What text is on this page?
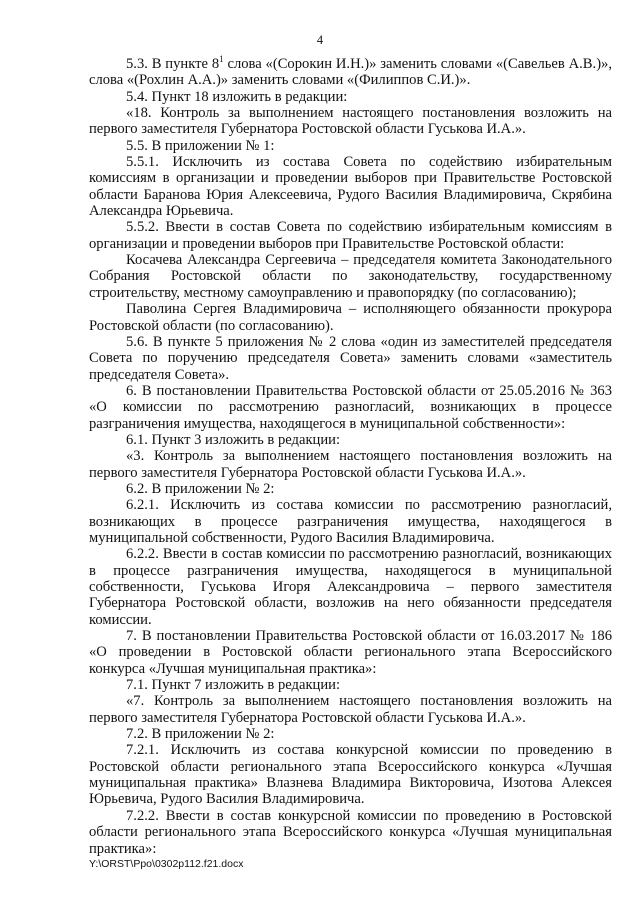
4

5.3. В пункте $8^1$ слова «(Сорокин И.Н.)» заменить словами «(Савельев А.В.)», слова «(Рохлин А.А.)» заменить словами «(Филиппов С.И.)».

5.4. Пункт 18 изложить в редакции:

«18. Контроль за выполнением настоящего постановления возложить на первого заместителя Губернатора Ростовской области Гуськова И.А.».

5.5. В приложении № 1:

5.5.1. Исключить из состава Совета по содействию избирательным комиссиям в организации и проведении выборов при Правительстве Ростовской области Баранова Юрия Алексеевича, Рудого Василия Владимировича, Скрябина Александра Юрьевича.

5.5.2. Ввести в состав Совета по содействию избирательным комиссиям в организации и проведении выборов при Правительстве Ростовской области:

Косачева Александра Сергеевича – председателя комитета Законодательного Собрания Ростовской области по законодательству, государственному строительству, местному самоуправлению и правопорядку (по согласованию);

Паволина Сергея Владимировича – исполняющего обязанности прокурора Ростовской области (по согласованию).

5.6. В пункте 5 приложения № 2 слова «один из заместителей председателя Совета по поручению председателя Совета» заменить словами «заместитель председателя Совета».

6. В постановлении Правительства Ростовской области от 25.05.2016 № 363 «О комиссии по рассмотрению разногласий, возникающих в процессе разграничения имущества, находящегося в муниципальной собственности»:

6.1. Пункт 3 изложить в редакции:

«3. Контроль за выполнением настоящего постановления возложить на первого заместителя Губернатора Ростовской области Гуськова И.А.».

6.2. В приложении № 2:

6.2.1. Исключить из состава комиссии по рассмотрению разногласий, возникающих в процессе разграничения имущества, находящегося в муниципальной собственности, Рудого Василия Владимировича.

6.2.2. Ввести в состав комиссии по рассмотрению разногласий, возникающих в процессе разграничения имущества, находящегося в муниципальной собственности, Гуськова Игоря Александровича – первого заместителя Губернатора Ростовской области, возложив на него обязанности председателя комиссии.

7. В постановлении Правительства Ростовской области от 16.03.2017 № 186 «О проведении в Ростовской области регионального этапа Всероссийского конкурса «Лучшая муниципальная практика»:

7.1. Пункт 7 изложить в редакции:

«7. Контроль за выполнением настоящего постановления возложить на первого заместителя Губернатора Ростовской области Гуськова И.А.».

7.2. В приложении № 2:

7.2.1. Исключить из состава конкурсной комиссии по проведению в Ростовской области регионального этапа Всероссийского конкурса «Лучшая муниципальная практика» Влазнева Владимира Викторовича, Изотова Алексея Юрьевича, Рудого Василия Владимировича.

7.2.2. Ввести в состав конкурсной комиссии по проведению в Ростовской области регионального этапа Всероссийского конкурса «Лучшая муниципальная практика»:

Y:\ORST\Ppo\0302p112.f21.docx
